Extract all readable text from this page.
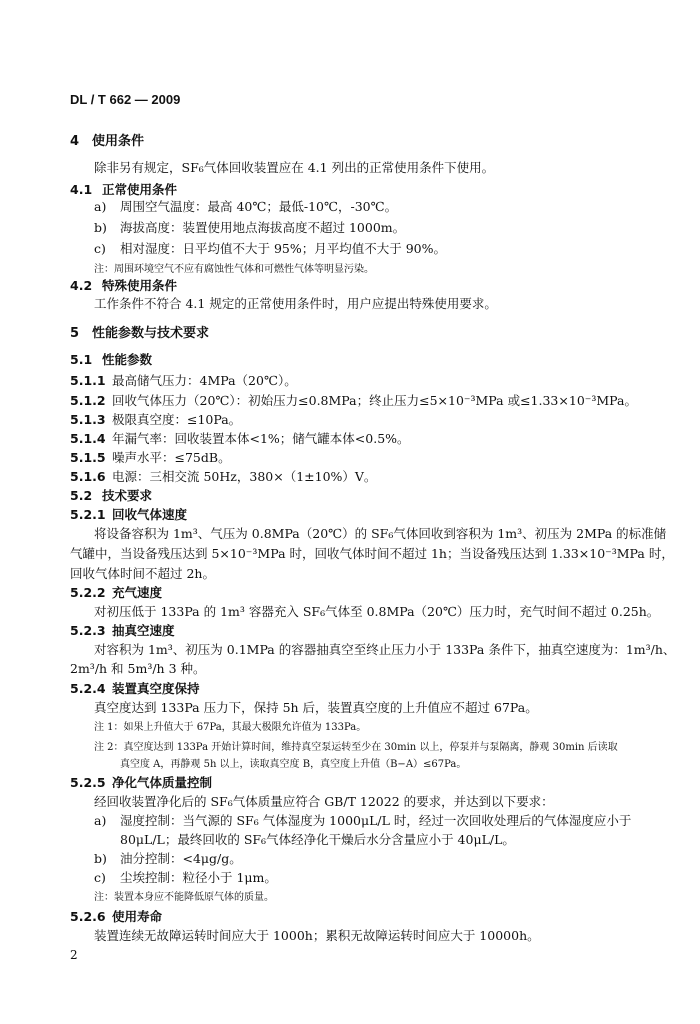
DL / T 662 — 2009
4 使用条件
除非另有规定，SF₆气体回收装置应在 4.1 列出的正常使用条件下使用。
4.1 正常使用条件
a) 周围空气温度：最高 40℃；最低-10℃，-30℃。
b) 海拔高度：装置使用地点海拔高度不超过 1000m。
c) 相对湿度：日平均值不大于 95%；月平均值不大于 90%。
注：周围环境空气不应有腐蚀性气体和可燃性气体等明显污染。
4.2 特殊使用条件
工作条件不符合 4.1 规定的正常使用条件时，用户应提出特殊使用要求。
5 性能参数与技术要求
5.1 性能参数
5.1.1 最高储气压力：4MPa（20℃）。
5.1.2 回收气体压力（20℃）：初始压力≤0.8MPa；终止压力≤5×10⁻³MPa 或≤1.33×10⁻³MPa。
5.1.3 极限真空度：≤10Pa。
5.1.4 年漏气率：回收装置本体<1%；储气罐本体<0.5%。
5.1.5 噪声水平：≤75dB。
5.1.6 电源：三相交流 50Hz，380×（1±10%）V。
5.2 技术要求
5.2.1 回收气体速度
将设备容积为 1m³、气压为 0.8MPa（20℃）的 SF₆气体回收到容积为 1m³、初压为 2MPa 的标准储
气罐中，当设备残压达到 5×10⁻³MPa 时，回收气体时间不超过 1h；当设备残压达到 1.33×10⁻³MPa 时，
回收气体时间不超过 2h。
5.2.2 充气速度
对初压低于 133Pa 的 1m³ 容器充入 SF₆气体至 0.8MPa（20℃）压力时，充气时间不超过 0.25h。
5.2.3 抽真空速度
对容积为 1m³、初压为 0.1MPa 的容器抽真空至终止压力小于 133Pa 条件下，抽真空速度为：1m³/h、
2m³/h 和 5m³/h 3 种。
5.2.4 装置真空度保持
真空度达到 133Pa 压力下，保持 5h 后，装置真空度的上升值应不超过 67Pa。
注 1：如果上升值大于 67Pa，其最大极限允许值为 133Pa。
注 2：真空度达到 133Pa 开始计算时间，维持真空泵运转至少在 30min 以上，停泵并与泵隔离，静观 30min 后读取
真空度 A，再静观 5h 以上，读取真空度 B，真空度上升值（B−A）≤67Pa。
5.2.5 净化气体质量控制
经回收装置净化后的 SF₆气体质量应符合 GB/T 12022 的要求，并达到以下要求：
a) 湿度控制：当气源的 SF₆ 气体湿度为 1000μL/L 时，经过一次回收处理后的气体湿度应小于
80μL/L；最终回收的 SF₆气体经净化干燥后水分含量应小于 40μL/L。
b) 油分控制：<4μg/g。
c) 尘埃控制：粒径小于 1μm。
注：装置本身应不能降低原气体的质量。
5.2.6 使用寿命
装置连续无故障运转时间应大于 1000h；累积无故障运转时间应大于 10000h。
2
